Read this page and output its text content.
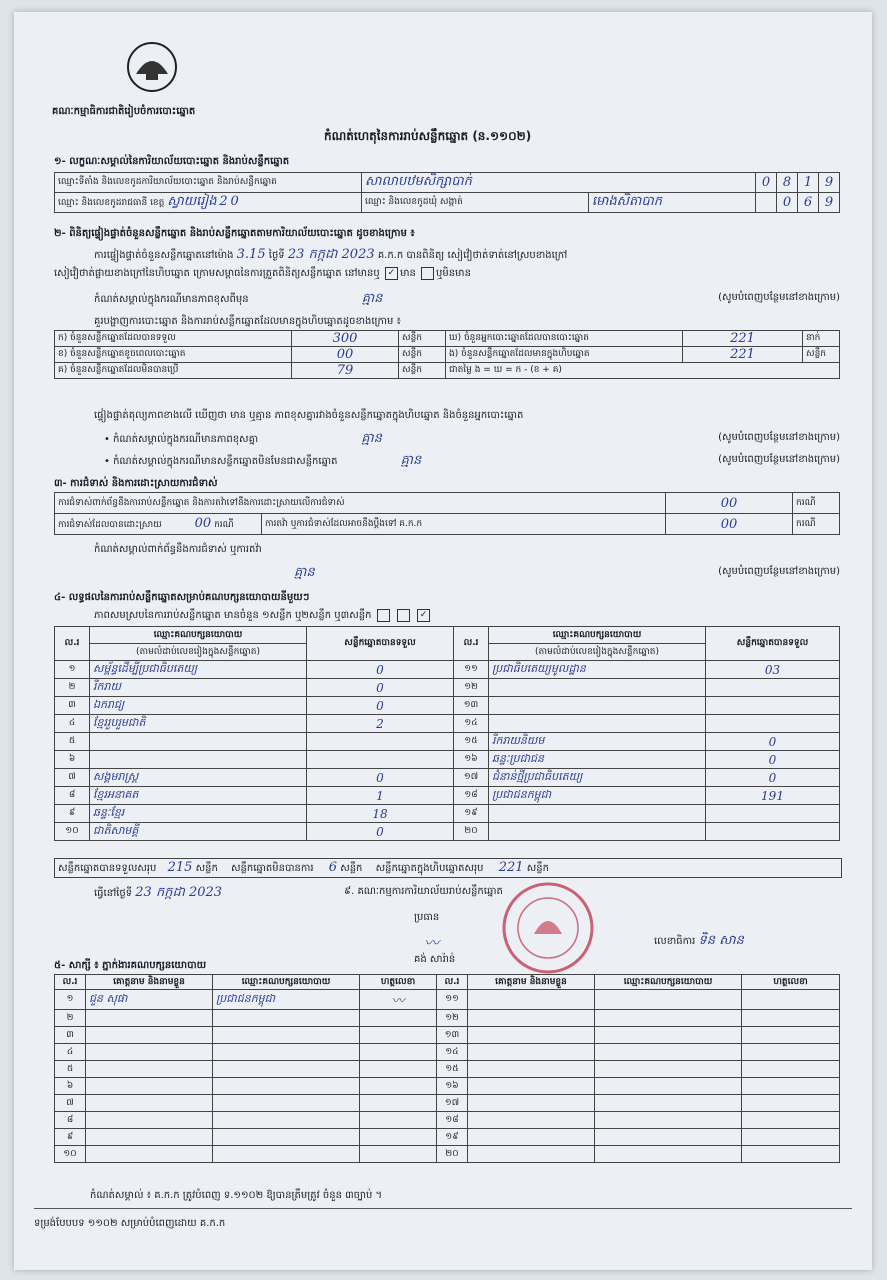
គណៈកម្មាធិការជាតិរៀបចំការបោះឆ្នោត
កំណត់ហេតុនៃការរាប់សន្លឹកឆ្នោត (ន.១១០២)
១- លក្ខណៈសម្គាល់នៃការិយាល័យបោះឆ្នោត និងរាប់សន្លឹកឆ្នោត
ឈ្មោះទីតាំង និងលេខកូដការិយាល័យបោះឆ្នោត និងរាប់សន្លឹកឆ្នោត	សាលាបឋមសិក្សាបាក់		0	8	1	9
ឈ្មោះ និងលេខកូដរាជធានី ខេត្ត ស្វាយរៀង 2 0	ឈ្មោះ និងលេខកូដឃុំ សង្កាត់	មោងសិតាបាក		0	6	9
២- ពិនិត្យផ្ទៀងផ្ទាត់ចំនួនសន្លឹកឆ្នោត និងរាប់សន្លឹកឆ្នោតតាមការិយាល័យបោះឆ្នោត ដូចខាងក្រោម ៖
ការផ្ទៀងផ្ទាត់ចំនួនសន្លឹកឆ្នោតនៅម៉ោង 3.15 ថ្ងៃទី 23 កក្កដា 2023 គ.ក.ក បានពិនិត្យ សៀវ៉ៀថាត់ទាត់នៅស្របខាងក្រៅ
សៀវ៉ៀថាត់ផ្លាយខាងក្រៅនៃហិបឆ្នោត ក្រោមសម្ពាធនៃការត្រួតពិនិត្យសន្លឹកឆ្នោត នៅមានឬ ✓ មាន ឬមិនមាន
កំណត់សម្គាល់ក្នុងករណីមានភាពខុសពីមុន	គ្មាន	(សូមបំពេញបន្ថែមនៅខាងក្រោម)
គួរបង្ហាញការបោះឆ្នោត និងការរាប់សន្លឹកឆ្នោតដែលមានក្នុងហិបឆ្នោតដូចខាងក្រោម ៖
ក) ចំនួនសន្លឹកឆ្នោតដែលបានទទួល	300	សន្លឹក	ឃ) ចំនួនអ្នកបោះឆ្នោតដែលបានបោះឆ្នោត	221	នាក់
ខ) ចំនួនសន្លឹកឆ្នោតខូចពេលបោះឆ្នោត	00	សន្លឹក	ង) ចំនួនសន្លឹកឆ្នោតដែលមានក្នុងហិបឆ្នោត	221	សន្លឹក
គ) ចំនួនសន្លឹកឆ្នោតដែលមិនបានប្រើ	79	សន្លឹក	ជាតម្លៃ ង = ឃ = ក - (ខ + គ)		
ផ្ទៀងផ្ទាត់តុល្យភាពខាងលើ ឃើញថា មាន ឬគ្មាន ភាពខុសគ្នារវាងចំនួនសន្លឹកឆ្នោតក្នុងហិបឆ្នោត និងចំនួនអ្នកបោះឆ្នោត
• កំណត់សម្គាល់ក្នុងករណីមានភាពខុសគ្នា	គ្មាន	(សូមបំពេញបន្ថែមនៅខាងក្រោម)
• កំណត់សម្គាល់ក្នុងករណីមានសន្លឹកឆ្នោតមិនមែនជាសន្លឹកឆ្នោត	គ្មាន	(សូមបំពេញបន្ថែមនៅខាងក្រោម)
៣- ការជំទាស់ និងការដោះស្រាយការជំទាស់
ការជំទាស់ពាក់ព័ន្ធនឹងការរាប់សន្លឹកឆ្នោត និងការតវ៉ាទៅនឹងការដោះស្រាយលើការជំទាស់		00	ករណី
ការជំទាស់ដែលបានដោះស្រាយ 00 ករណី	ការតវ៉ា ឬការជំទាស់ដែលអាចនឹងប្តឹងទៅ គ.ក.ក	00	ករណី
កំណត់សម្គាល់ពាក់ព័ន្ធនឹងការជំទាស់ ឬការតវ៉ា
គ្មាន	(សូមបំពេញបន្ថែមនៅខាងក្រោម)
៤- លទ្ធផលនៃការរាប់សន្លឹកឆ្នោតសម្រាប់គណបក្សនយោបាយនីមួយៗ
ភាពសមស្របនៃការរាប់សន្លឹកឆ្នោត មានចំនួន ១សន្លឹក ឬ២សន្លឹក ឬ៣សន្លឹក	✓
ល.រ	ឈ្មោះគណបក្សនយោបាយ	សន្លឹកឆ្នោតបានទទួល	ល.រ	ឈ្មោះគណបក្សនយោបាយ	សន្លឹកឆ្នោតបានទទួល
	(តាមលំដាប់លេខរៀងក្នុងសន្លឹកឆ្នោត)			(តាមលំដាប់លេខរៀងក្នុងសន្លឹកឆ្នោត)	
១	សម្ព័ន្ធដើម្បីប្រជាធិបតេយ្យ	0	១១	ប្រជាធិបតេយ្យមូលដ្ឋាន	03
២	រីករាយ	0	១២		
៣	ឯករាជ្យ	0	១៣		
៤	ខ្មែររួបរួមជាតិ	2	១៤		
៥			១៥	រីករាយនិយម	0
៦			១៦	ឆន្ទៈប្រជាជន	0
៧	សង្គមរាស្ត្រ	0	១៧	ជំនាន់ថ្មីប្រជាធិបតេយ្យ	0
៨	ខ្មែរអនាគត	1	១៨	ប្រជាជនកម្ពុជា	191
៩	ឆន្ទៈខ្មែរ	18	១៩		
១០	ជាតិសាមគ្គី	0	២០		
សន្លឹកឆ្នោតបានទទួលសរុប 215 សន្លឹក សន្លឹកឆ្នោតមិនបានការ 6 សន្លឹក សន្លឹកឆ្នោតក្នុងហិបឆ្នោតសរុប 221 សន្លឹក
ធ្វើនៅថ្ងៃទី 23 កក្កដា 2023	៩. គណៈកម្មការការិយាល័យរាប់សន្លឹកឆ្នោត
ប្រធាន
〰︎
គង់ សារ៉ាន់
លេខាធិការ ទិន សាន
៥- សាក្សី ៖ ភ្នាក់ងារគណបក្សនយោបាយ
ល.រ	គោត្តនាម និងនាមខ្លួន	ឈ្មោះគណបក្សនយោបាយ	ហត្ថលេខា	ល.រ	គោត្តនាម និងនាមខ្លួន	ឈ្មោះគណបក្សនយោបាយ	ហត្ថលេខា
១	ជួន សុផា	ប្រជាជនកម្ពុជា	〰	១១			
២				១២			
៣				១៣			
៤				១៤			
៥				១៥			
៦				១៦			
៧				១៧			
៨				១៨			
៩				១៩			
១០				២០			
កំណត់សម្គាល់ ៖ គ.ក.ក ត្រូវបំពេញ ទ.១១០២ ឱ្យបានត្រឹមត្រូវ ចំនួន ៣ច្បាប់ ។
ទម្រង់បែបបទ ១១០២ សម្រាប់បំពេញដោយ គ.ក.ក
